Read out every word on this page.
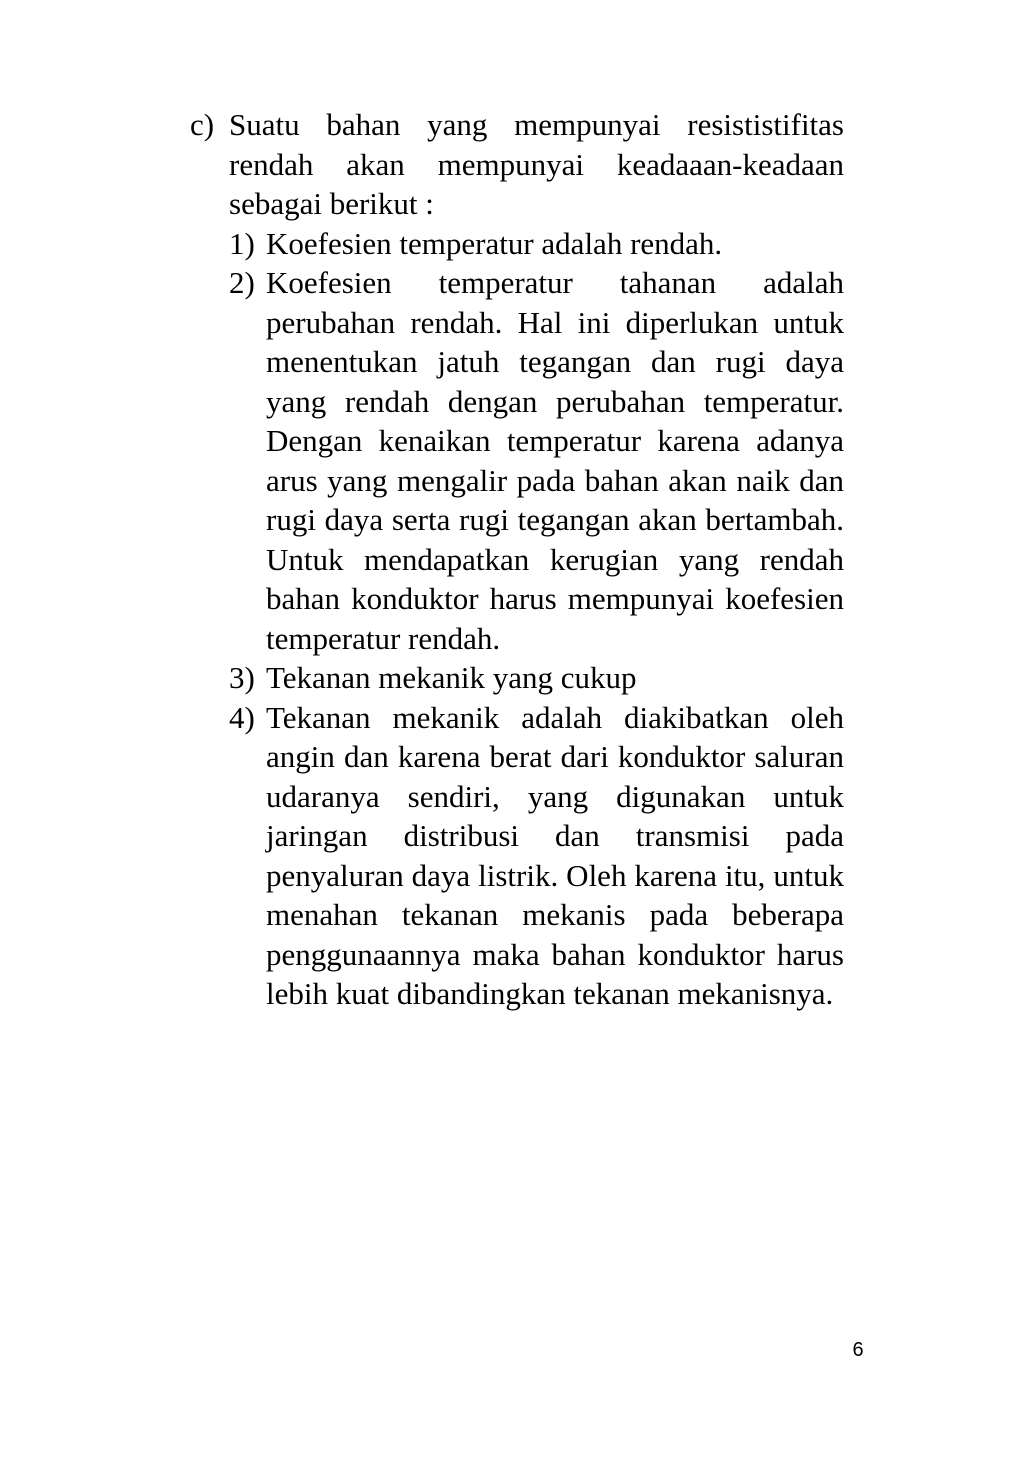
c) Suatu bahan yang mempunyai resististifitas rendah akan mempunyai keadaaan-keadaan sebagai berikut :
1) Koefesien temperatur adalah rendah.
2) Koefesien temperatur tahanan adalah perubahan rendah. Hal ini diperlukan untuk menentukan jatuh tegangan dan rugi daya yang rendah dengan perubahan temperatur. Dengan kenaikan temperatur karena adanya arus yang mengalir pada bahan akan naik dan rugi daya serta rugi tegangan akan bertambah. Untuk mendapatkan kerugian yang rendah bahan konduktor harus mempunyai koefesien temperatur rendah.
3) Tekanan mekanik yang cukup
4) Tekanan mekanik adalah diakibatkan oleh angin dan karena berat dari konduktor saluran udaranya sendiri, yang digunakan untuk jaringan distribusi dan transmisi pada penyaluran daya listrik. Oleh karena itu, untuk menahan tekanan mekanis pada beberapa penggunaannya maka bahan konduktor harus lebih kuat dibandingkan tekanan mekanisnya.
6
